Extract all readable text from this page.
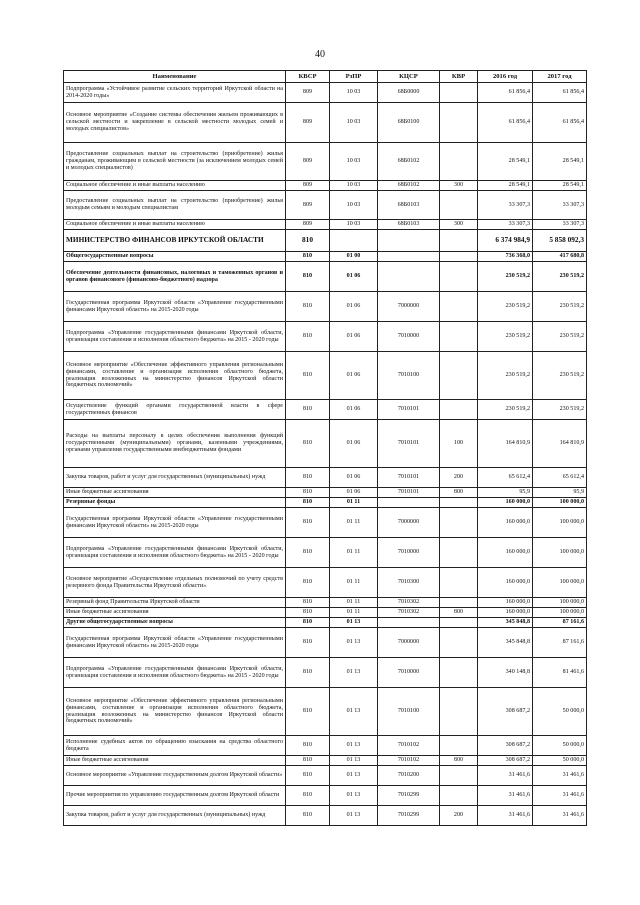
40
Наименование	КВСР	РзПР	КЦСР	КВР	2016 год	2017 год
Подпрограмма «Устойчивое развитие сельских территорий Иркутской области на 2014-2020 годы»	809	10 03	68Б0000		61 856,4	61 856,4
Основное мероприятие «Создание системы обеспечения жильем проживающих в сельской местности и закрепление в сельской местности молодых семей и молодых специалистов»	809	10 03	68Б0100		61 856,4	61 856,4
Предоставление социальных выплат на строительство (приобретение) жилья гражданам, проживающим в сельской местности (за исключением молодых семей и молодых специалистов)	809	10 03	68Б0102		28 549,1	28 549,1
Социальное обеспечение и иные выплаты населению	809	10 03	68Б0102	300	28 549,1	28 549,1
Предоставление социальных выплат на строительство (приобретение) жилья молодым семьям и молодым специалистам	809	10 03	68Б0103		33 307,3	33 307,3
Социальное обеспечение и иные выплаты населению	809	10 03	68Б0103	300	33 307,3	33 307,3
МИНИСТЕРСТВО ФИНАНСОВ ИРКУТСКОЙ ОБЛАСТИ	810				6 374 984,9	5 858 092,3
Общегосударственные вопросы	810	01 00			736 368,0	417 680,8
Обеспечение деятельности финансовых, налоговых и таможенных органов и органов финансового (финансово-бюджетного) надзора	810	01 06			230 519,2	230 519,2
Государственная программа Иркутской области «Управление государственными финансами Иркутской области» на 2015-2020 годы	810	01 06	7000000		230 519,2	230 519,2
Подпрограмма «Управление государственными финансами Иркутской области, организация составления и исполнения областного бюджета» на 2015 - 2020 годы	810	01 06	7010000		230 519,2	230 519,2
Основное мероприятие «Обеспечение эффективного управления региональными финансами, составление и организация исполнения областного бюджета, реализация возложенных на министерство финансов Иркутской области бюджетных полномочий»	810	01 06	7010100		230 519,2	230 519,2
Осуществление функций органами государственной власти в сфере государственных финансов	810	01 06	7010101		230 519,2	230 519,2
Расходы на выплаты персоналу в целях обеспечения выполнения функций государственными (муниципальными) органами, казенными учреждениями, органами управления государственными внебюджетными фондами	810	01 06	7010101	100	164 810,9	164 810,9
Закупка товаров, работ и услуг для государственных (муниципальных) нужд	810	01 06	7010101	200	65 612,4	65 612,4
Иные бюджетные ассигнования	810	01 06	7010101	800	95,9	95,9
Резервные фонды	810	01 11			160 000,0	100 000,0
Государственная программа Иркутской области «Управление государственными финансами Иркутской области» на 2015-2020 годы	810	01 11	7000000		160 000,0	100 000,0
Подпрограмма «Управление государственными финансами Иркутской области, организация составления и исполнения областного бюджета» на 2015 - 2020 годы	810	01 11	7010000		160 000,0	100 000,0
Основное мероприятие «Осуществление отдельных полномочий по учету средств резервного фонда Правительства Иркутской области»	810	01 11	7010300		160 000,0	100 000,0
Резервный фонд Правительства Иркутской области	810	01 11	7010302		160 000,0	100 000,0
Иные бюджетные ассигнования	810	01 11	7010302	800	160 000,0	100 000,0
Другие общегосударственные вопросы	810	01 13			345 848,8	87 161,6
Государственная программа Иркутской области «Управление государственными финансами Иркутской области» на 2015-2020 годы	810	01 13	7000000		345 848,8	87 161,6
Подпрограмма «Управление государственными финансами Иркутской области, организация составления и исполнения областного бюджета» на 2015 - 2020 годы	810	01 13	7010000		340 148,8	81 461,6
Основное мероприятие «Обеспечение эффективного управления региональными финансами, составление и организация исполнения областного бюджета, реализация возложенных на министерство финансов Иркутской области бюджетных полномочий»	810	01 13	7010100		308 687,2	50 000,0
Исполнение судебных актов по обращению взыскания на средства областного бюджета	810	01 13	7010102		308 687,2	50 000,0
Иные бюджетные ассигнования	810	01 13	7010102	800	308 687,2	50 000,0
Основное мероприятие «Управление государственным долгом Иркутской области»	810	01 13	7010200		31 461,6	31 461,6
Прочие мероприятия по управлению государственным долгом Иркутской области	810	01 13	7010299		31 461,6	31 461,6
Закупка товаров, работ и услуг для государственных (муниципальных) нужд	810	01 13	7010299	200	31 461,6	31 461,6
